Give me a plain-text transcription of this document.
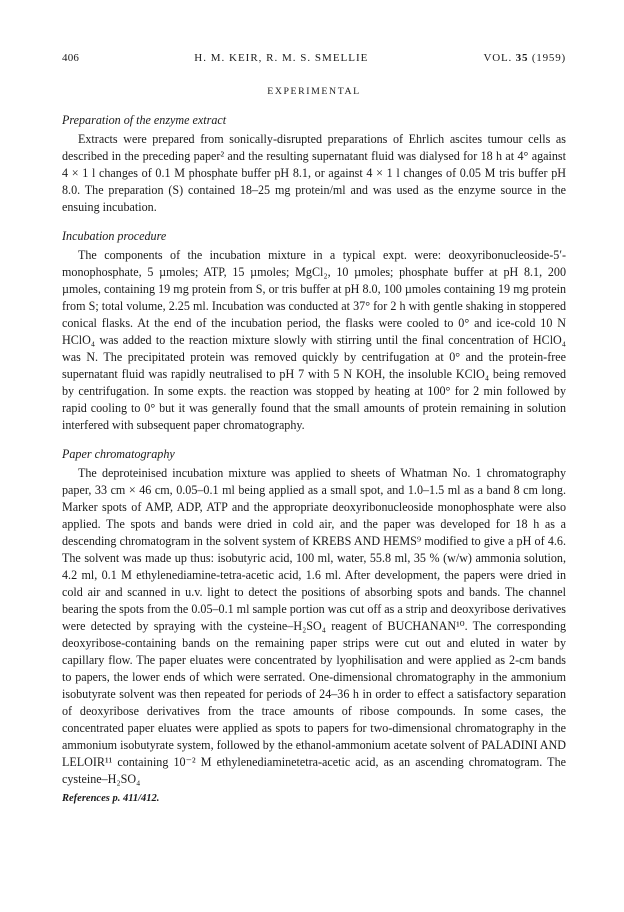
406	H. M. KEIR, R. M. S. SMELLIE	VOL. 35 (1959)
EXPERIMENTAL
Preparation of the enzyme extract

Extracts were prepared from sonically-disrupted preparations of Ehrlich ascites tumour cells as described in the preceding paper² and the resulting supernatant fluid was dialysed for 18 h at 4° against 4 × 1 l changes of 0.1 M phosphate buffer pH 8.1, or against 4 × 1 l changes of 0.05 M tris buffer pH 8.0. The preparation (S) contained 18–25 mg protein/ml and was used as the enzyme source in the ensuing incubation.

Incubation procedure

The components of the incubation mixture in a typical expt. were: deoxyribonucleoside-5′-monophosphate, 5 µmoles; ATP, 15 µmoles; MgCl₂, 10 µmoles; phosphate buffer at pH 8.1, 200 µmoles, containing 19 mg protein from S, or tris buffer at pH 8.0, 100 µmoles containing 19 mg protein from S; total volume, 2.25 ml. Incubation was conducted at 37° for 2 h with gentle shaking in stoppered conical flasks. At the end of the incubation period, the flasks were cooled to 0° and ice-cold 10 N HClO₄ was added to the reaction mixture slowly with stirring until the final concentration of HClO₄ was N. The precipitated protein was removed quickly by centrifugation at 0° and the protein-free supernatant fluid was rapidly neutralised to pH 7 with 5 N KOH, the insoluble KClO₄ being removed by centrifugation. In some expts. the reaction was stopped by heating at 100° for 2 min followed by rapid cooling to 0° but it was generally found that the small amounts of protein remaining in solution interfered with subsequent paper chromatography.

Paper chromatography

The deproteinised incubation mixture was applied to sheets of Whatman No. 1 chromatography paper, 33 cm × 46 cm, 0.05–0.1 ml being applied as a small spot, and 1.0–1.5 ml as a band 8 cm long. Marker spots of AMP, ADP, ATP and the appropriate deoxyribonucleoside monophosphate were also applied. The spots and bands were dried in cold air, and the paper was developed for 18 h as a descending chromatogram in the solvent system of KREBS AND HEMS⁹ modified to give a pH of 4.6. The solvent was made up thus: isobutyric acid, 100 ml, water, 55.8 ml, 35 % (w/w) ammonia solution, 4.2 ml, 0.1 M ethylenediamine-tetra-acetic acid, 1.6 ml. After development, the papers were dried in cold air and scanned in u.v. light to detect the positions of absorbing spots and bands. The channel bearing the spots from the 0.05–0.1 ml sample portion was cut off as a strip and deoxyribose derivatives were detected by spraying with the cysteine–H₂SO₄ reagent of BUCHANAN¹⁰. The corresponding deoxyribose-containing bands on the remaining paper strips were cut out and eluted in water by capillary flow. The paper eluates were concentrated by lyophilisation and were applied as 2-cm bands to papers, the lower ends of which were serrated. One-dimensional chromatography in the ammonium isobutyrate solvent was then repeated for periods of 24–36 h in order to effect a satisfactory separation of deoxyribose derivatives from the trace amounts of ribose compounds. In some cases, the concentrated paper eluates were applied as spots to papers for two-dimensional chromatography in the ammonium isobutyrate system, followed by the ethanol-ammonium acetate solvent of PALADINI AND LELOIR¹¹ containing 10⁻² M ethylenediaminetetra-acetic acid, as an ascending chromatogram. The cysteine–H₂SO₄

References p. 411/412.
